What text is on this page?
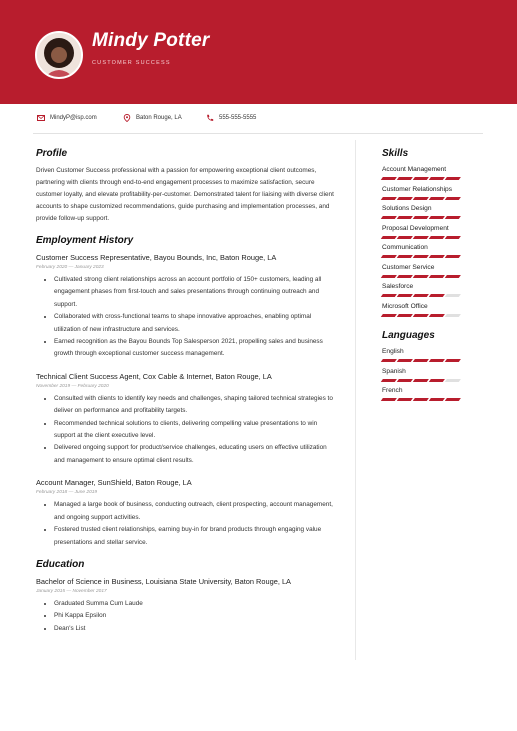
Mindy Potter
CUSTOMER SUCCESS
MindyP@isp.com	Baton Rouge, LA	555-555-5555
Profile

Driven Customer Success professional with a passion for empowering exceptional client outcomes, partnering with clients through end-to-end engagement processes to maximize satisfaction, secure customer loyalty, and elevate profitability-per-customer. Demonstrated talent for liaising with diverse client accounts to shape customized recommendations, guide purchasing and implementation processes, and provide follow-up support.

Employment History
Customer Success Representative, Bayou Bounds, Inc, Baton Rouge, LA
February 2020 — January 2023
• Cultivated strong client relationships across an account portfolio of 150+ customers, leading all engagement phases from first-touch and sales presentations through continuing outreach and support.
• Collaborated with cross-functional teams to shape innovative approaches, enabling optimal utilization of new infrastructure and services.
• Earned recognition as the Bayou Bounds Top Salesperson 2021, propelling sales and business growth through exceptional customer success management.
Technical Client Success Agent, Cox Cable & Internet, Baton Rouge, LA
November 2019 — February 2020
• Consulted with clients to identify key needs and challenges, shaping tailored technical strategies to deliver on performance and profitability targets.
• Recommended technical solutions to clients, delivering compelling value presentations to win support at the client executive level.
• Delivered ongoing support for product/service challenges, educating users on effective utilization and management to ensure optimal client results.
Account Manager, SunShield, Baton Rouge, LA
February 2018 — June 2019
• Managed a large book of business, conducting outreach, client prospecting, account management, and ongoing support activities.
• Fostered trusted client relationships, earning buy-in for brand products through engaging value presentations and stellar service.
Education
Bachelor of Science in Business, Louisiana State University, Baton Rouge, LA
January 2015 — November 2017
• Graduated Summa Cum Laude
• Phi Kappa Epsilon
• Dean's List
Skills
Account Management
Customer Relationships
Solutions Design
Proposal Development
Communication
Customer Service
Salesforce
Microsoft Office
Languages
English
Spanish
French
